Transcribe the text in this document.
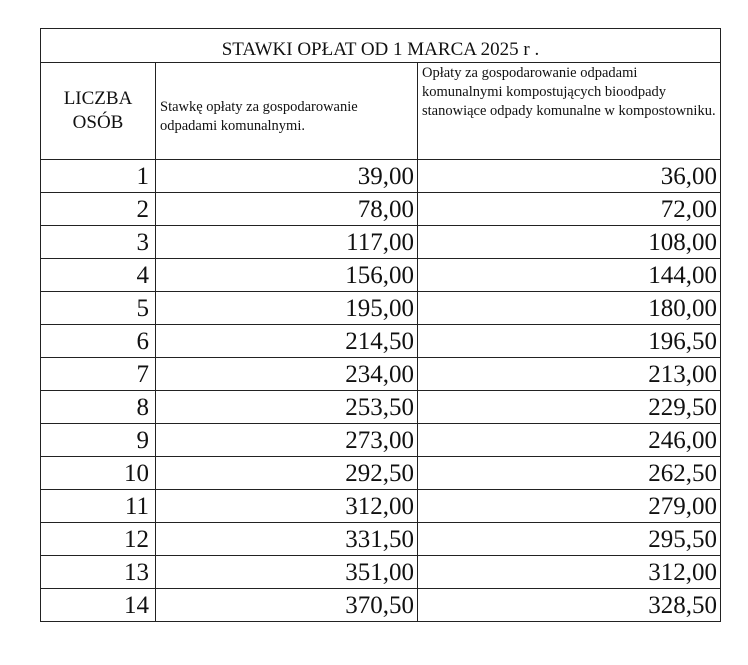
STAWKI OPŁAT OD 1 MARCA 2025 r .		
LICZBA OSÓB	Stawkę opłaty za gospodarowanie odpadami komunalnymi.	Opłaty za gospodarowanie odpadami komunalnymi kompostujących bioodpady stanowiące odpady komunalne w kompostowniku.
1	39,00	36,00
2	78,00	72,00
3	117,00	108,00
4	156,00	144,00
5	195,00	180,00
6	214,50	196,50
7	234,00	213,00
8	253,50	229,50
9	273,00	246,00
10	292,50	262,50
11	312,00	279,00
12	331,50	295,50
13	351,00	312,00
14	370,50	328,50
